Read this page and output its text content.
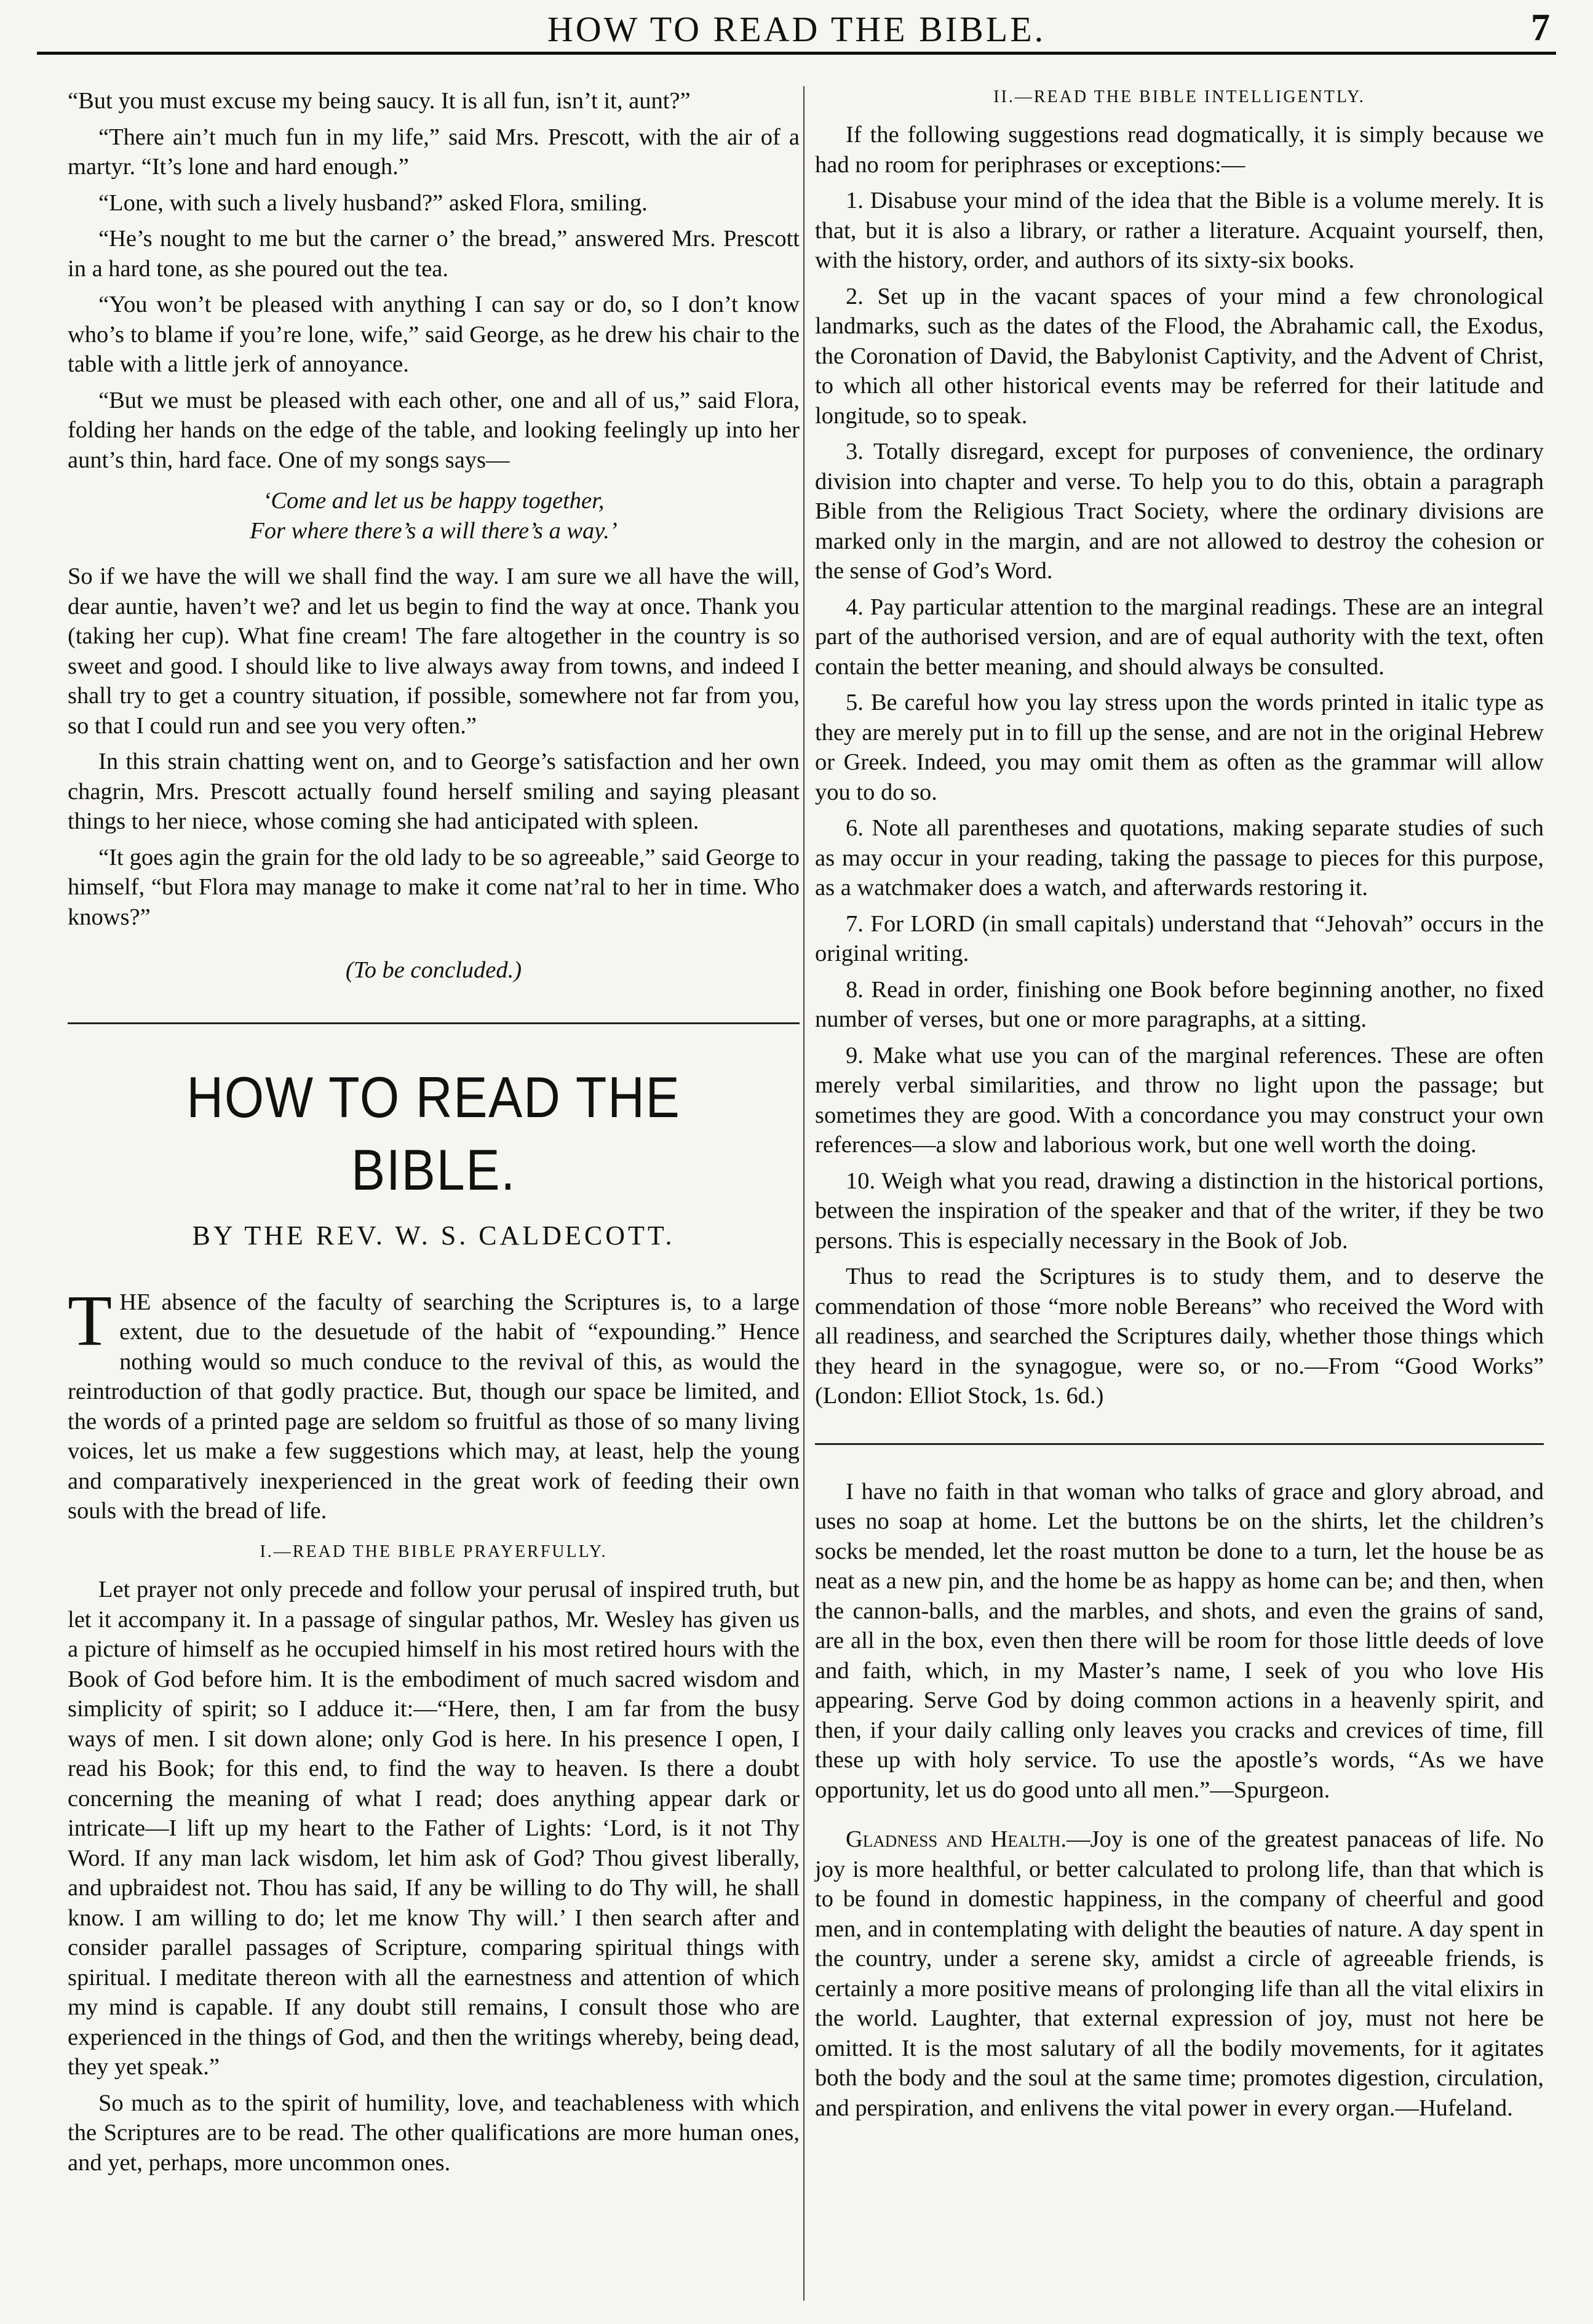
HOW TO READ THE BIBLE.	7

“But you must excuse my being saucy. It is all fun, isn’t it, aunt?”

“There ain’t much fun in my life,” said Mrs. Prescott, with the air of a martyr. “It’s lone and hard enough.”

“Lone, with such a lively husband?” asked Flora, smiling.

“He’s nought to me but the carner o’ the bread,” answered Mrs. Prescott in a hard tone, as she poured out the tea.

“You won’t be pleased with anything I can say or do, so I don’t know who’s to blame if you’re lone, wife,” said George, as he drew his chair to the table with a little jerk of annoyance.

“But we must be pleased with each other, one and all of us,” said Flora, folding her hands on the edge of the table, and looking feelingly up into her aunt’s thin, hard face. One of my songs says—

‘Come and let us be happy together,
For where there’s a will there’s a way.’

So if we have the will we shall find the way. I am sure we all have the will, dear auntie, haven’t we? and let us begin to find the way at once. Thank you (taking her cup). What fine cream! The fare altogether in the country is so sweet and good. I should like to live always away from towns, and indeed I shall try to get a country situation, if possible, somewhere not far from you, so that I could run and see you very often.”

In this strain chatting went on, and to George’s satisfaction and her own chagrin, Mrs. Prescott actually found herself smiling and saying pleasant things to her niece, whose coming she had anticipated with spleen.

“It goes agin the grain for the old lady to be so agreeable,” said George to himself, “but Flora may manage to make it come nat’ral to her in time. Who knows?”

(To be concluded.)
HOW TO READ THE BIBLE.
BY THE REV. W. S. CALDECOTT.

THE absence of the faculty of searching the Scriptures is, to a large extent, due to the desuetude of the habit of “expounding.” Hence nothing would so much conduce to the revival of this, as would the reintroduction of that godly practice. But, though our space be limited, and the words of a printed page are seldom so fruitful as those of so many living voices, let us make a few suggestions which may, at least, help the young and comparatively inexperienced in the great work of feeding their own souls with the bread of life.

I.—READ THE BIBLE PRAYERFULLY.

Let prayer not only precede and follow your perusal of inspired truth, but let it accompany it. In a passage of singular pathos, Mr. Wesley has given us a picture of himself as he occupied himself in his most retired hours with the Book of God before him. It is the embodiment of much sacred wisdom and simplicity of spirit; so I adduce it:—“Here, then, I am far from the busy ways of men. I sit down alone; only God is here. In his presence I open, I read his Book; for this end, to find the way to heaven. Is there a doubt concerning the meaning of what I read; does anything appear dark or intricate—I lift up my heart to the Father of Lights: ‘Lord, is it not Thy Word. If any man lack wisdom, let him ask of God? Thou givest liberally, and upbraidest not. Thou has said, If any be willing to do Thy will, he shall know. I am willing to do; let me know Thy will.’ I then search after and consider parallel passages of Scripture, comparing spiritual things with spiritual. I meditate thereon with all the earnestness and attention of which my mind is capable. If any doubt still remains, I consult those who are experienced in the things of God, and then the writings whereby, being dead, they yet speak.”

So much as to the spirit of humility, love, and teachableness with which the Scriptures are to be read. The other qualifications are more human ones, and yet, perhaps, more uncommon ones.

II.—READ THE BIBLE INTELLIGENTLY.

If the following suggestions read dogmatically, it is simply because we had no room for periphrases or exceptions:—

1. Disabuse your mind of the idea that the Bible is a volume merely. It is that, but it is also a library, or rather a literature. Acquaint yourself, then, with the history, order, and authors of its sixty-six books.

2. Set up in the vacant spaces of your mind a few chronological landmarks, such as the dates of the Flood, the Abrahamic call, the Exodus, the Coronation of David, the Babylonist Captivity, and the Advent of Christ, to which all other historical events may be referred for their latitude and longitude, so to speak.

3. Totally disregard, except for purposes of convenience, the ordinary division into chapter and verse. To help you to do this, obtain a paragraph Bible from the Religious Tract Society, where the ordinary divisions are marked only in the margin, and are not allowed to destroy the cohesion or the sense of God’s Word.

4. Pay particular attention to the marginal readings. These are an integral part of the authorised version, and are of equal authority with the text, often contain the better meaning, and should always be consulted.

5. Be careful how you lay stress upon the words printed in italic type as they are merely put in to fill up the sense, and are not in the original Hebrew or Greek. Indeed, you may omit them as often as the grammar will allow you to do so.

6. Note all parentheses and quotations, making separate studies of such as may occur in your reading, taking the passage to pieces for this purpose, as a watchmaker does a watch, and afterwards restoring it.

7. For LORD (in small capitals) understand that “Jehovah” occurs in the original writing.

8. Read in order, finishing one Book before beginning another, no fixed number of verses, but one or more paragraphs, at a sitting.

9. Make what use you can of the marginal references. These are often merely verbal similarities, and throw no light upon the passage; but sometimes they are good. With a concordance you may construct your own references—a slow and laborious work, but one well worth the doing.

10. Weigh what you read, drawing a distinction in the historical portions, between the inspiration of the speaker and that of the writer, if they be two persons. This is especially necessary in the Book of Job.

Thus to read the Scriptures is to study them, and to deserve the commendation of those “more noble Bereans” who received the Word with all readiness, and searched the Scriptures daily, whether those things which they heard in the synagogue, were so, or no.—From “Good Works” (London: Elliot Stock, 1s. 6d.)

I have no faith in that woman who talks of grace and glory abroad, and uses no soap at home. Let the buttons be on the shirts, let the children’s socks be mended, let the roast mutton be done to a turn, let the house be as neat as a new pin, and the home be as happy as home can be; and then, when the cannon-balls, and the marbles, and shots, and even the grains of sand, are all in the box, even then there will be room for those little deeds of love and faith, which, in my Master’s name, I seek of you who love His appearing. Serve God by doing common actions in a heavenly spirit, and then, if your daily calling only leaves you cracks and crevices of time, fill these up with holy service. To use the apostle’s words, “As we have opportunity, let us do good unto all men.”—Spurgeon.

Gladness and Health.—Joy is one of the greatest panaceas of life. No joy is more healthful, or better calculated to prolong life, than that which is to be found in domestic happiness, in the company of cheerful and good men, and in contemplating with delight the beauties of nature. A day spent in the country, under a serene sky, amidst a circle of agreeable friends, is certainly a more positive means of prolonging life than all the vital elixirs in the world. Laughter, that external expression of joy, must not here be omitted. It is the most salutary of all the bodily movements, for it agitates both the body and the soul at the same time; promotes digestion, circulation, and perspiration, and enlivens the vital power in every organ.—Hufeland.
